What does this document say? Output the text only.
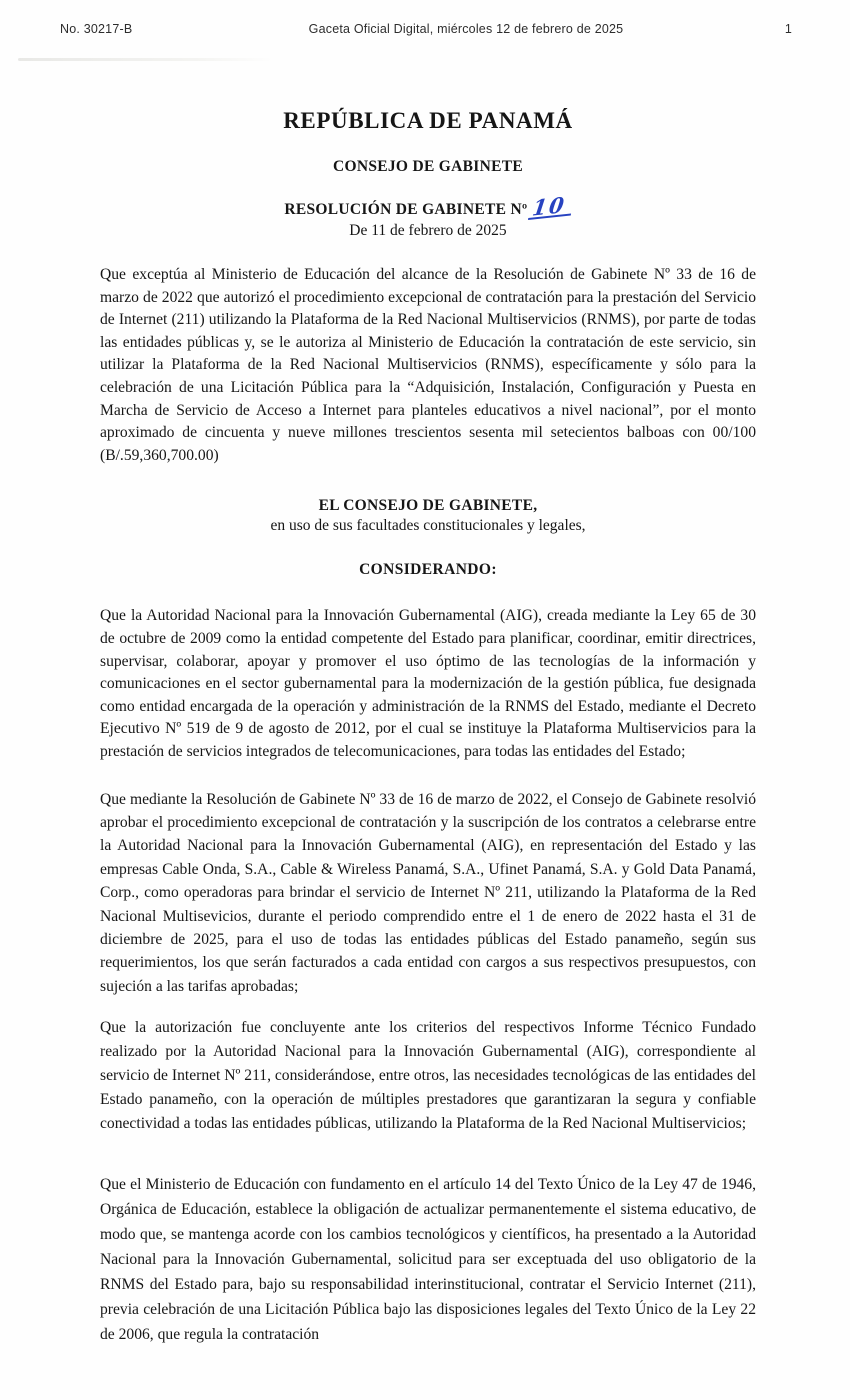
No. 30217-B	Gaceta Oficial Digital, miércoles 12 de febrero de 2025	1
REPÚBLICA DE PANAMÁ
CONSEJO DE GABINETE
RESOLUCIÓN DE GABINETE Nº 10

De 11 de febrero de 2025

Que exceptúa al Ministerio de Educación del alcance de la Resolución de Gabinete Nº 33 de 16 de marzo de 2022 que autorizó el procedimiento excepcional de contratación para la prestación del Servicio de Internet (211) utilizando la Plataforma de la Red Nacional Multiservicios (RNMS), por parte de todas las entidades públicas y, se le autoriza al Ministerio de Educación la contratación de este servicio, sin utilizar la Plataforma de la Red Nacional Multiservicios (RNMS), específicamente y sólo para la celebración de una Licitación Pública para la “Adquisición, Instalación, Configuración y Puesta en Marcha de Servicio de Acceso a Internet para planteles educativos a nivel nacional”, por el monto aproximado de cincuenta y nueve millones trescientos sesenta mil setecientos balboas con 00/100 (B/.59,360,700.00)

EL CONSEJO DE GABINETE,

en uso de sus facultades constitucionales y legales,

CONSIDERANDO:

Que la Autoridad Nacional para la Innovación Gubernamental (AIG), creada mediante la Ley 65 de 30 de octubre de 2009 como la entidad competente del Estado para planificar, coordinar, emitir directrices, supervisar, colaborar, apoyar y promover el uso óptimo de las tecnologías de la información y comunicaciones en el sector gubernamental para la modernización de la gestión pública, fue designada como entidad encargada de la operación y administración de la RNMS del Estado, mediante el Decreto Ejecutivo Nº 519 de 9 de agosto de 2012, por el cual se instituye la Plataforma Multiservicios para la prestación de servicios integrados de telecomunicaciones, para todas las entidades del Estado;

Que mediante la Resolución de Gabinete Nº 33 de 16 de marzo de 2022, el Consejo de Gabinete resolvió aprobar el procedimiento excepcional de contratación y la suscripción de los contratos a celebrarse entre la Autoridad Nacional para la Innovación Gubernamental (AIG), en representación del Estado y las empresas Cable Onda, S.A., Cable & Wireless Panamá, S.A., Ufinet Panamá, S.A. y Gold Data Panamá, Corp., como operadoras para brindar el servicio de Internet Nº 211, utilizando la Plataforma de la Red Nacional Multisevicios, durante el periodo comprendido entre el 1 de enero de 2022 hasta el 31 de diciembre de 2025, para el uso de todas las entidades públicas del Estado panameño, según sus requerimientos, los que serán facturados a cada entidad con cargos a sus respectivos presupuestos, con sujeción a las tarifas aprobadas;

Que la autorización fue concluyente ante los criterios del respectivos Informe Técnico Fundado realizado por la Autoridad Nacional para la Innovación Gubernamental (AIG), correspondiente al servicio de Internet Nº 211, considerándose, entre otros, las necesidades tecnológicas de las entidades del Estado panameño, con la operación de múltiples prestadores que garantizaran la segura y confiable conectividad a todas las entidades públicas, utilizando la Plataforma de la Red Nacional Multiservicios;

Que el Ministerio de Educación con fundamento en el artículo 14 del Texto Único de la Ley 47 de 1946, Orgánica de Educación, establece la obligación de actualizar permanentemente el sistema educativo, de modo que, se mantenga acorde con los cambios tecnológicos y científicos, ha presentado a la Autoridad Nacional para la Innovación Gubernamental, solicitud para ser exceptuada del uso obligatorio de la RNMS del Estado para, bajo su responsabilidad interinstitucional, contratar el Servicio Internet (211), previa celebración de una Licitación Pública bajo las disposiciones legales del Texto Único de la Ley 22 de 2006, que regula la contratación
